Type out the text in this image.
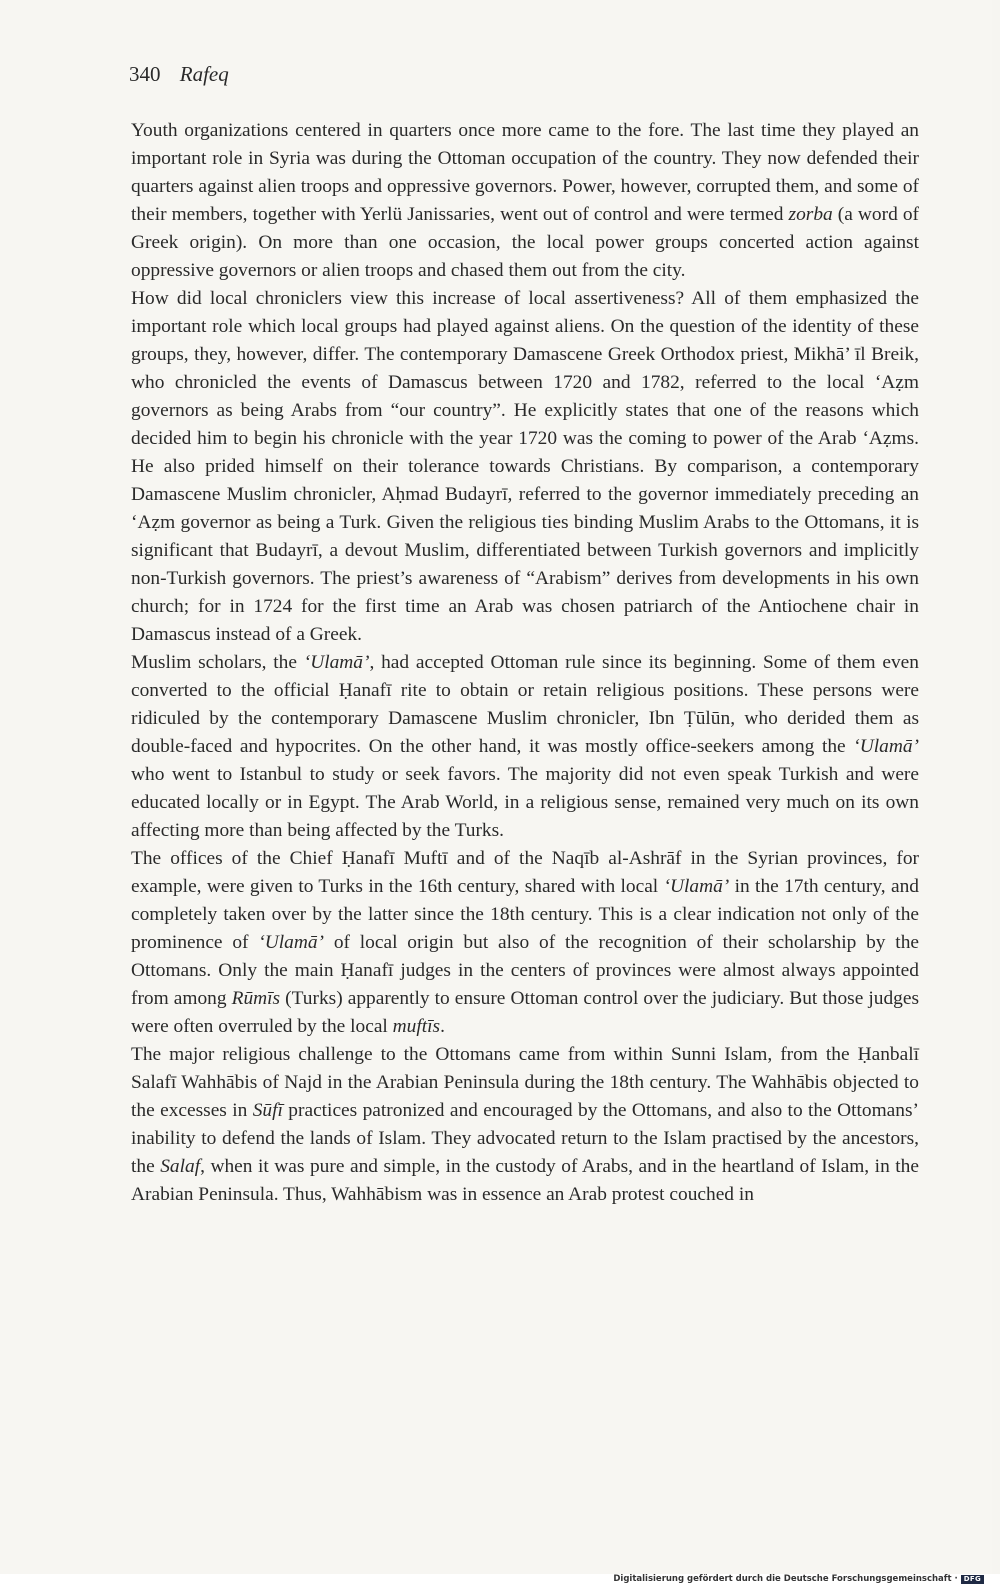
340 Rafeq

Youth organizations centered in quarters once more came to the fore. The last time they played an important role in Syria was during the Ottoman occupation of the country. They now defended their quarters against alien troops and oppressive governors. Power, however, corrupted them, and some of their members, together with Yerlü Janissaries, went out of control and were termed zorba (a word of Greek origin). On more than one occasion, the local power groups concerted action against oppressive governors or alien troops and chased them out from the city.

How did local chroniclers view this increase of local assertiveness? All of them emphasized the important role which local groups had played against aliens. On the question of the identity of these groups, they, however, differ. The contemporary Damascene Greek Orthodox priest, Mikhā’ īl Breik, who chronicled the events of Damascus between 1720 and 1782, referred to the local ‘Aẓm governors as being Arabs from “our country”. He explicitly states that one of the reasons which decided him to begin his chronicle with the year 1720 was the coming to power of the Arab ‘Aẓms. He also prided himself on their tolerance towards Christians. By comparison, a contemporary Damascene Muslim chronicler, Aḥmad Budayrī, referred to the governor immediately preceding an ‘Aẓm governor as being a Turk. Given the religious ties binding Muslim Arabs to the Ottomans, it is significant that Budayrī, a devout Muslim, differentiated between Turkish governors and implicitly non-Turkish governors. The priest’s awareness of “Arabism” derives from developments in his own church; for in 1724 for the first time an Arab was chosen patriarch of the Antiochene chair in Damascus instead of a Greek.

Muslim scholars, the ‘Ulamā’, had accepted Ottoman rule since its beginning. Some of them even converted to the official Ḥanafī rite to obtain or retain religious positions. These persons were ridiculed by the contemporary Damascene Muslim chronicler, Ibn Ṭūlūn, who derided them as double-faced and hypocrites. On the other hand, it was mostly office-seekers among the ‘Ulamā’ who went to Istanbul to study or seek favors. The majority did not even speak Turkish and were educated locally or in Egypt. The Arab World, in a religious sense, remained very much on its own affecting more than being affected by the Turks.

The offices of the Chief Ḥanafī Muftī and of the Naqīb al-Ashrāf in the Syrian provinces, for example, were given to Turks in the 16th century, shared with local ‘Ulamā’ in the 17th century, and completely taken over by the latter since the 18th century. This is a clear indication not only of the prominence of ‘Ulamā’ of local origin but also of the recognition of their scholarship by the Ottomans. Only the main Ḥanafī judges in the centers of provinces were almost always appointed from among Rūmīs (Turks) apparently to ensure Ottoman control over the judiciary. But those judges were often overruled by the local muftīs.

The major religious challenge to the Ottomans came from within Sunni Islam, from the Ḥanbalī Salafī Wahhābis of Najd in the Arabian Peninsula during the 18th century. The Wahhābis objected to the excesses in Sūfī practices patronized and encouraged by the Ottomans, and also to the Ottomans’ inability to defend the lands of Islam. They advocated return to the Islam practised by the ancestors, the Salaf, when it was pure and simple, in the custody of Arabs, and in the heartland of Islam, in the Arabian Peninsula. Thus, Wahhābism was in essence an Arab protest couched in

Digitalisierung gefördert durch die Deutsche Forschungsgemeinschaft · DFG
